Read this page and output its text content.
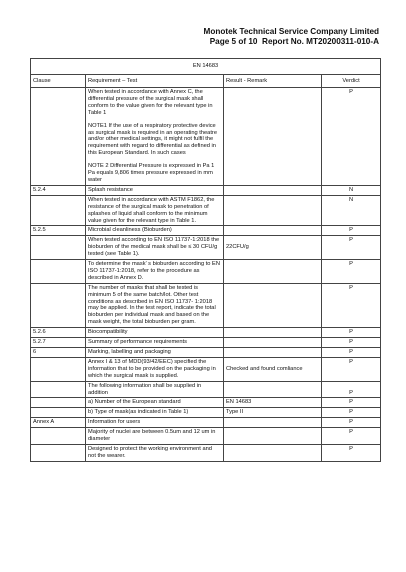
Monotek Technical Service Company Limited
Page 5 of 10 Report No. MT20200311-010-A
EN 14683			
Clause	Requirement – Test	Result - Remark	Verdict
	When tested in accordance with Annex C, the differential pressure of the surgical mask shall conform to the value given for the relevant type in Table 1
NOTE1 If the use of a respiratory protective device as surgical mask is required in an operating theatre and/or other medical settings, it might not fulfil the requirement with regard to differential as defined in this European Standard. In such cases
NOTE 2 Differential Pressure is expressed in Pa 1 Pa equals 9,806 times pressure expressed in mm water		P
5.2.4	Splash resistance		N
	When tested in accordance with ASTM F1862, the resistance of the surgical mask to penetration of splashes of liquid shall conform to the minimum value given for the relevant type in Table 1.		N
5.2.5	Microbial cleanliness (Bioburden)		P
	When tested according to EN ISO 11737-1:2018 the bioburden of the medical mask shall be ≤ 30 CFU/g tested (see Table 1).	22CFU/g	P
	To determine the mask’ s bioburden according to EN ISO 11737-1:2018, refer to the procedure as described in Annex D.		P
	The number of masks that shall be tested is minimum 5 of the same batch/lot. Other test conditions as described in EN ISO 11737- 1:2018 may be applied. In the test report, indicate the total bioburden per individual mask and based on the mask weight, the total bioburden per gram.		P
5.2.6	Biocompatibility		P
5.2.7	Summary of performance requirements		P
6	Marking, labelling and packaging		P
	Annex I & 13 of MDD(93/42/EEC) specified the information that to be provided on the packaging in which the surgical mask is supplied.	Checked and found comliance	P
	The following information shall be supplied in addition		P
	a) Number of the European standard	EN 14683	P
	b) Type of mask(as indicated in Table 1)	Type II	P
Annex A	Information for users		P
	Majority of nuclei are between 0.5um and 12 um in diameter		P
	Designed to protect the working environment and not the wearer.		P
